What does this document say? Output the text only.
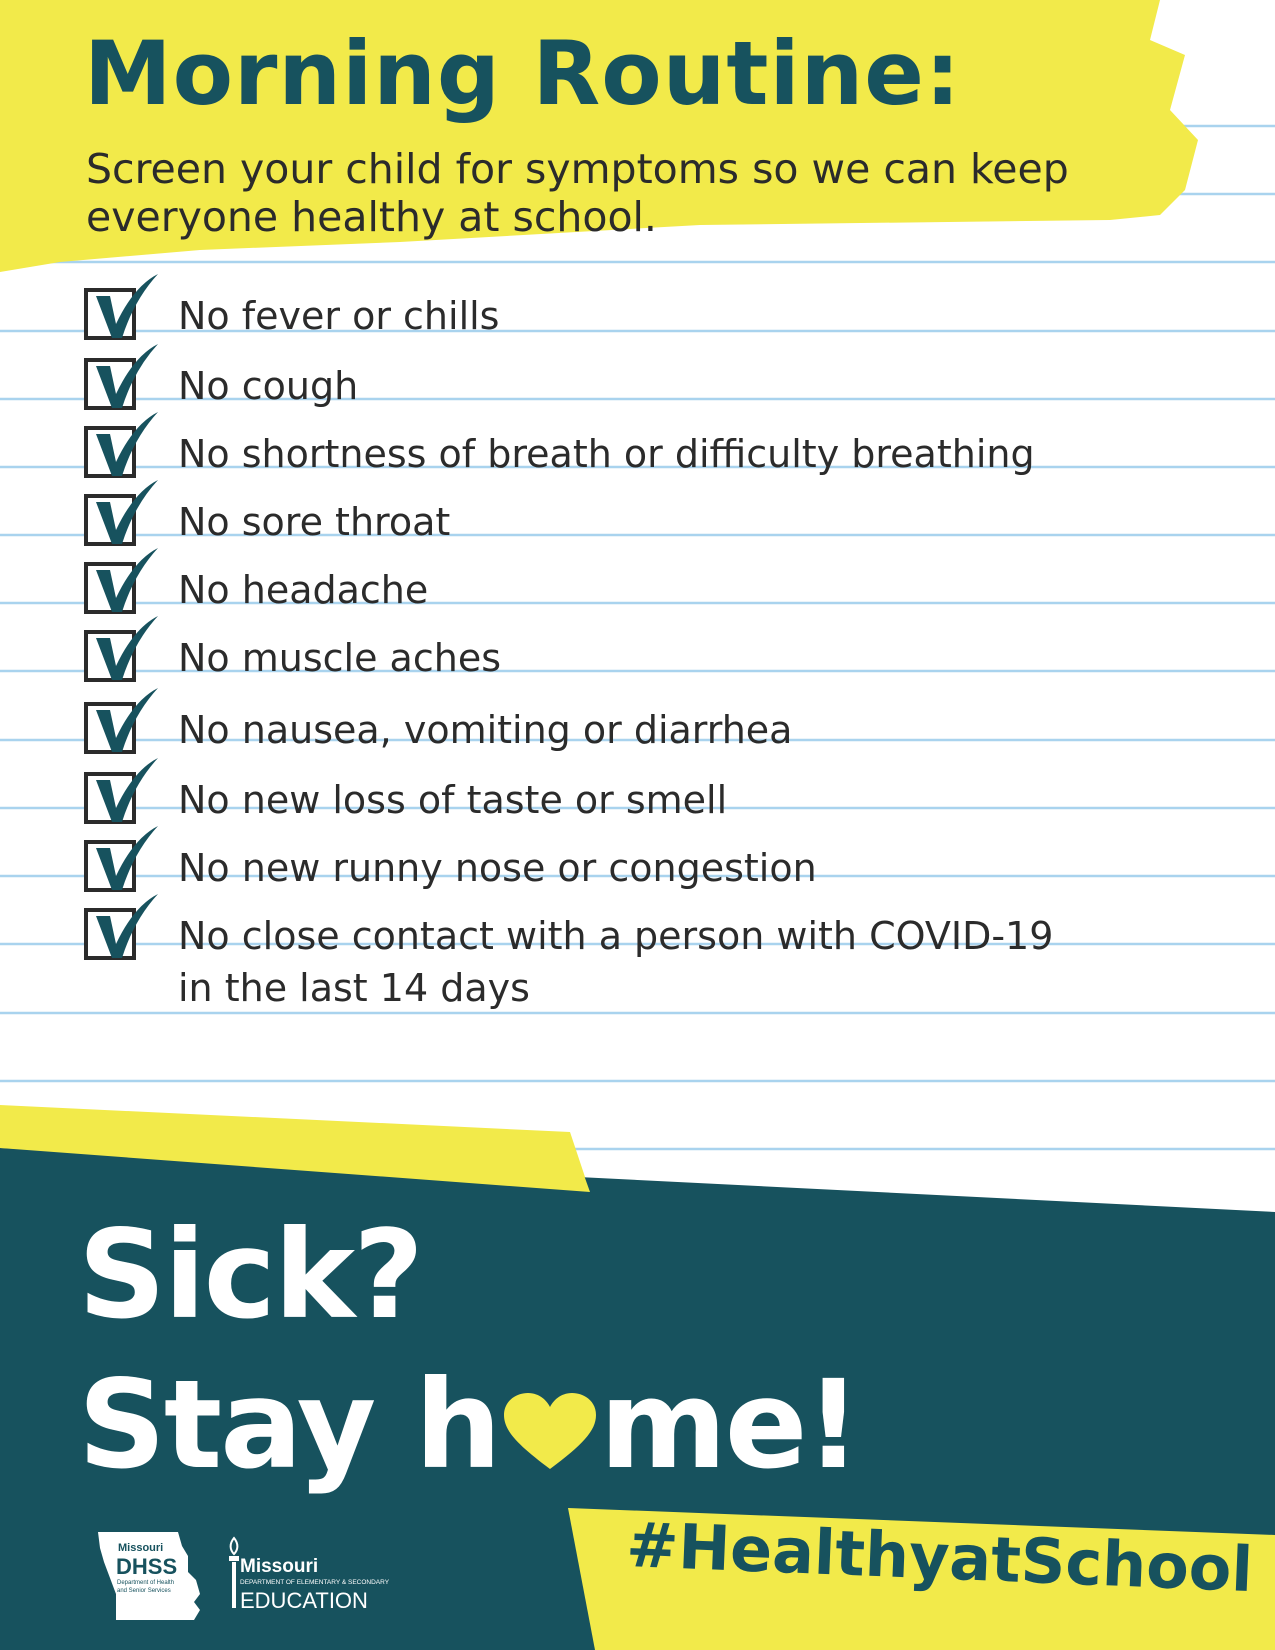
Morning Routine:

Screen your child for symptoms so we can keep everyone healthy at school.

No fever or chills
No cough
No shortness of breath or difficulty breathing
No sore throat
No headache
No muscle aches
No nausea, vomiting or diarrhea
No new loss of taste or smell
No new runny nose or congestion
No close contact with a person with COVID-19
in the last 14 days
Sick?
Stay h me!
#HealthyatSchool
Missouri
DHSS
Department of Health
and Senior Services
Missouri
DEPARTMENT OF ELEMENTARY & SECONDARY
EDUCATION
